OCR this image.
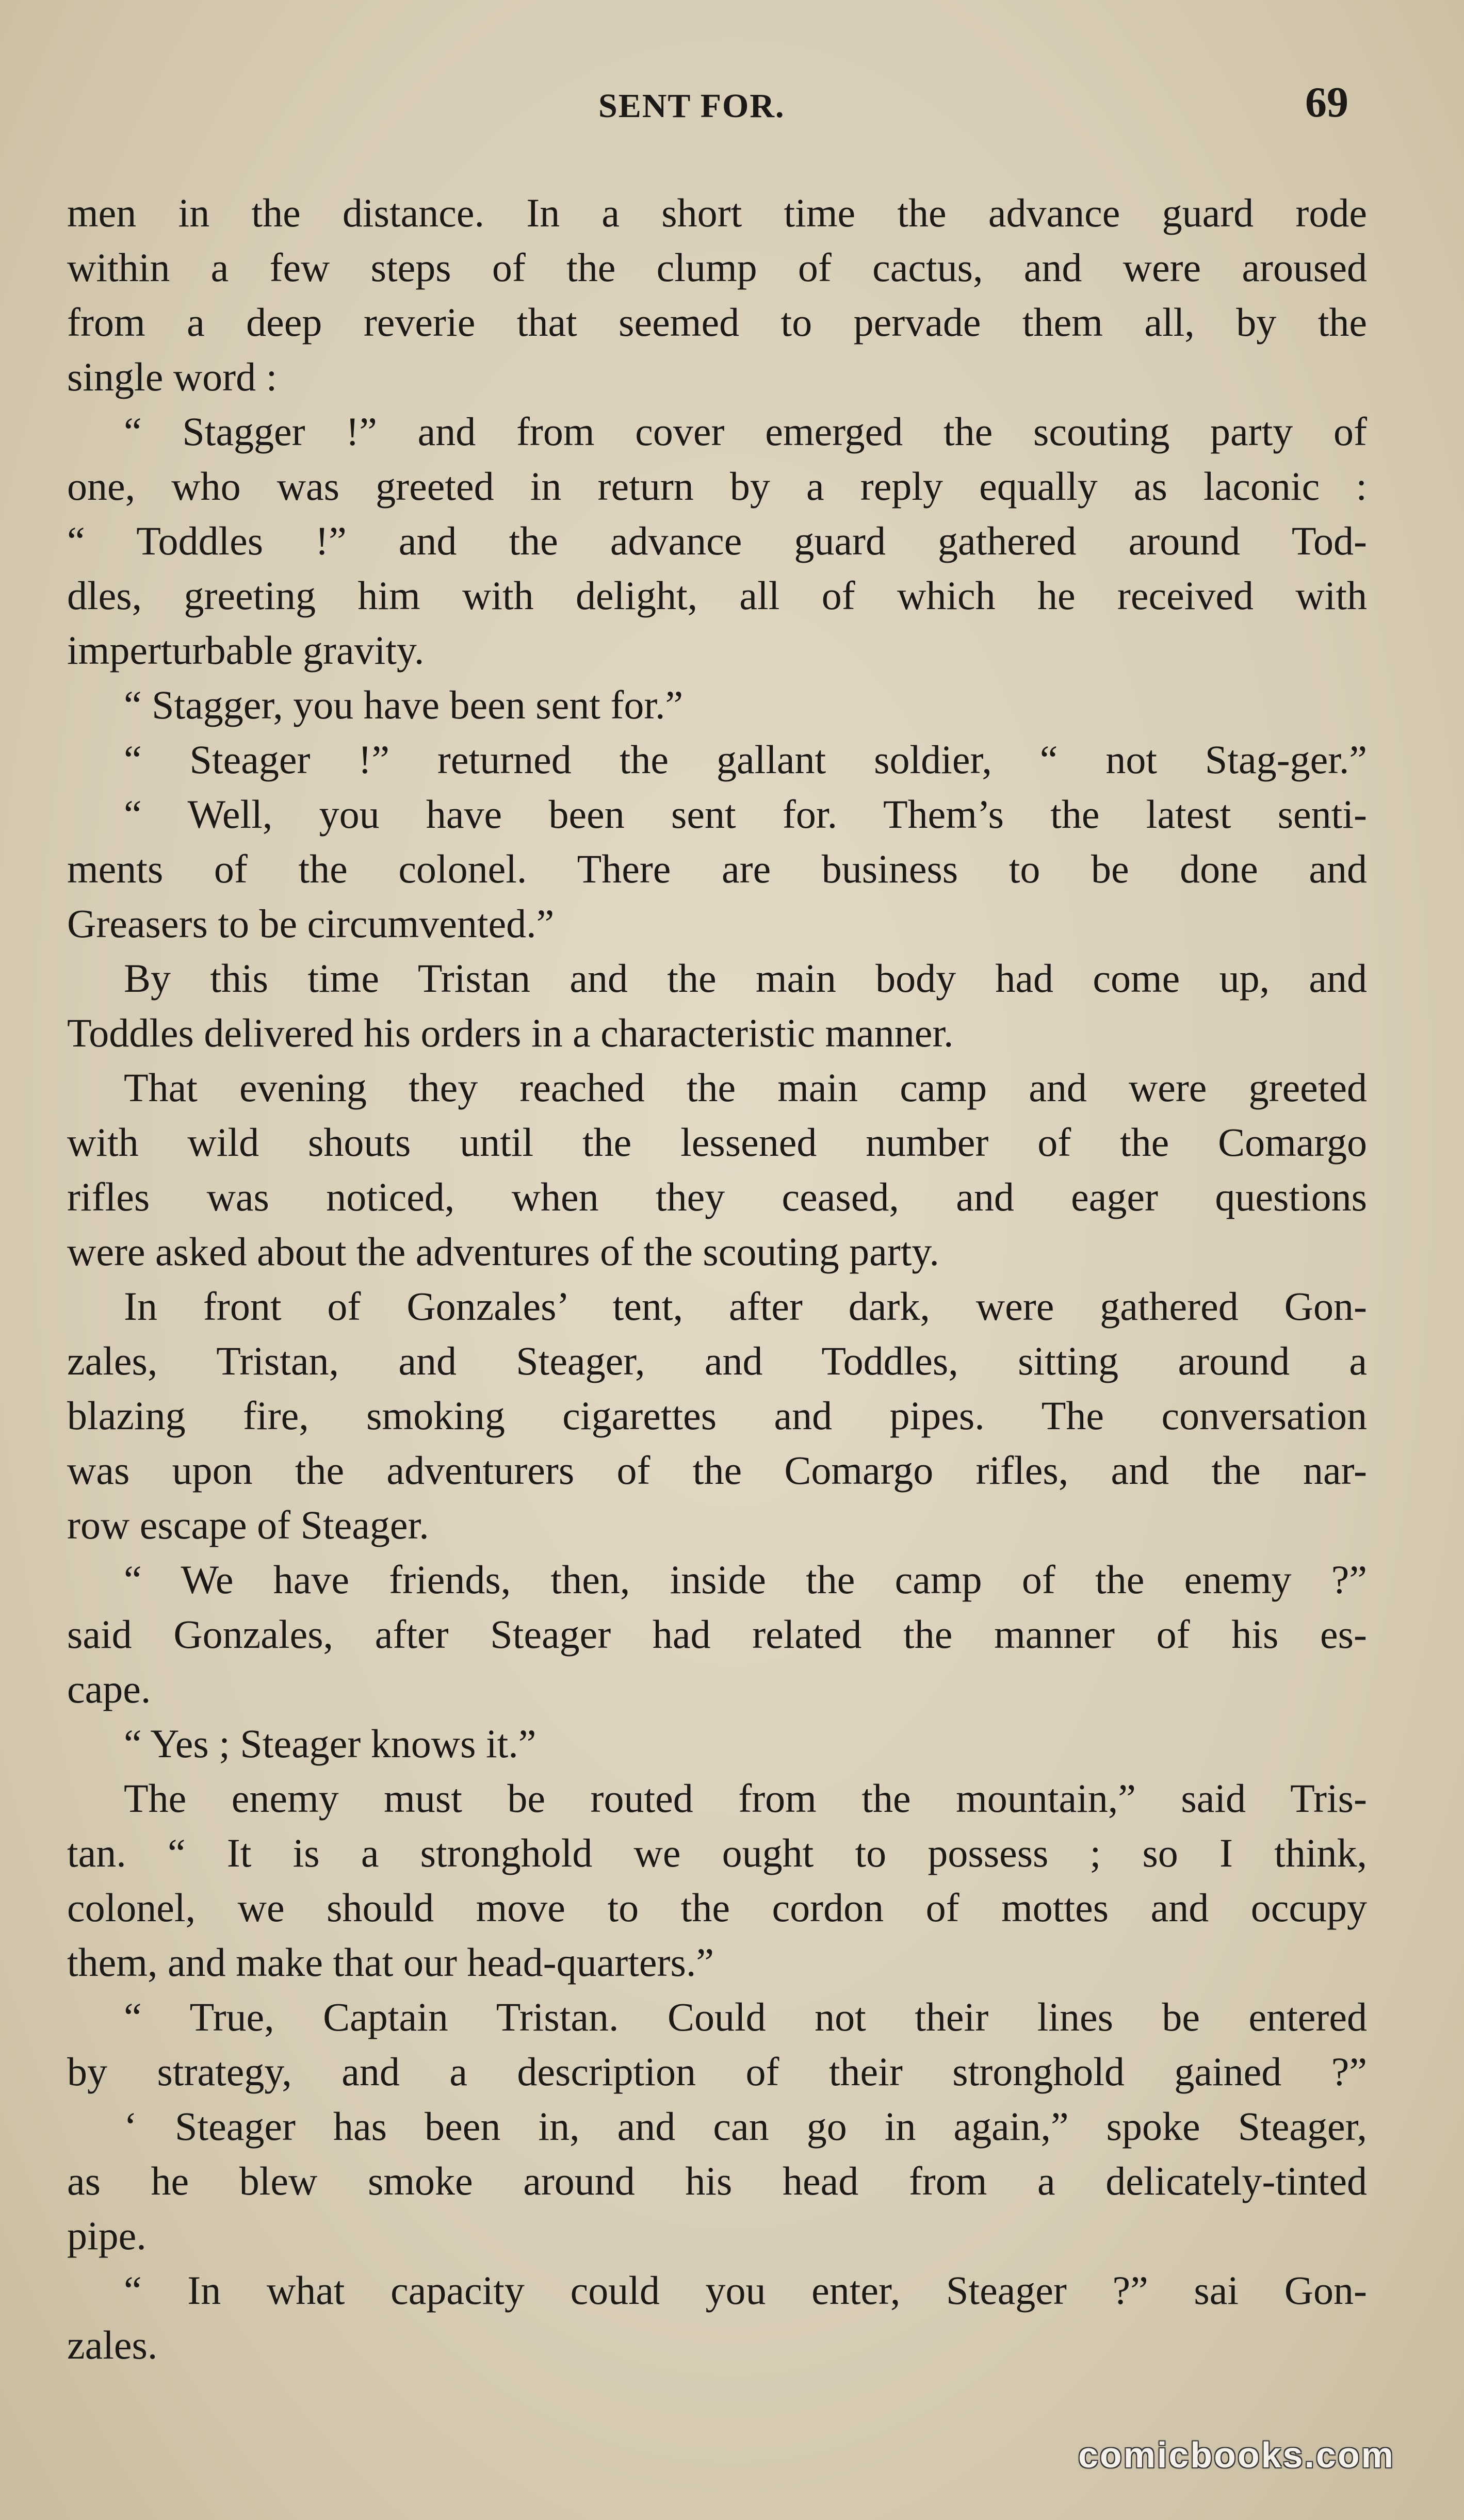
SENT FOR.	69
men in the distance. In a short time the advance guard rode
within a few steps of the clump of cactus, and were aroused
from a deep reverie that seemed to pervade them all, by the
single word :
“ Stagger !” and from cover emerged the scouting party of
one, who was greeted in return by a reply equally as laconic :
“ Toddles !” and the advance guard gathered around Tod-
dles, greeting him with delight, all of which he received with
imperturbable gravity.
“ Stagger, you have been sent for.”
“ Steager !” returned the gallant soldier, “ not Stag-ger.”
“ Well, you have been sent for. Them’s the latest senti-
ments of the colonel. There are business to be done and
Greasers to be circumvented.”
By this time Tristan and the main body had come up, and
Toddles delivered his orders in a characteristic manner.
That evening they reached the main camp and were greeted
with wild shouts until the lessened number of the Comargo
rifles was noticed, when they ceased, and eager questions
were asked about the adventures of the scouting party.
In front of Gonzales’ tent, after dark, were gathered Gon-
zales, Tristan, and Steager, and Toddles, sitting around a
blazing fire, smoking cigarettes and pipes. The conversation
was upon the adventurers of the Comargo rifles, and the nar-
row escape of Steager.
“ We have friends, then, inside the camp of the enemy ?”
said Gonzales, after Steager had related the manner of his es-
cape.
“ Yes ; Steager knows it.”
The enemy must be routed from the mountain,” said Tris-
tan. “ It is a stronghold we ought to possess ; so I think,
colonel, we should move to the cordon of mottes and occupy
them, and make that our head-quarters.”
“ True, Captain Tristan. Could not their lines be entered
by strategy, and a description of their stronghold gained ?”
‘ Steager has been in, and can go in again,” spoke Steager,
as he blew smoke around his head from a delicately-tinted
pipe.
“ In what capacity could you enter, Steager ?” sai Gon-
zales.
comicbooks.com
